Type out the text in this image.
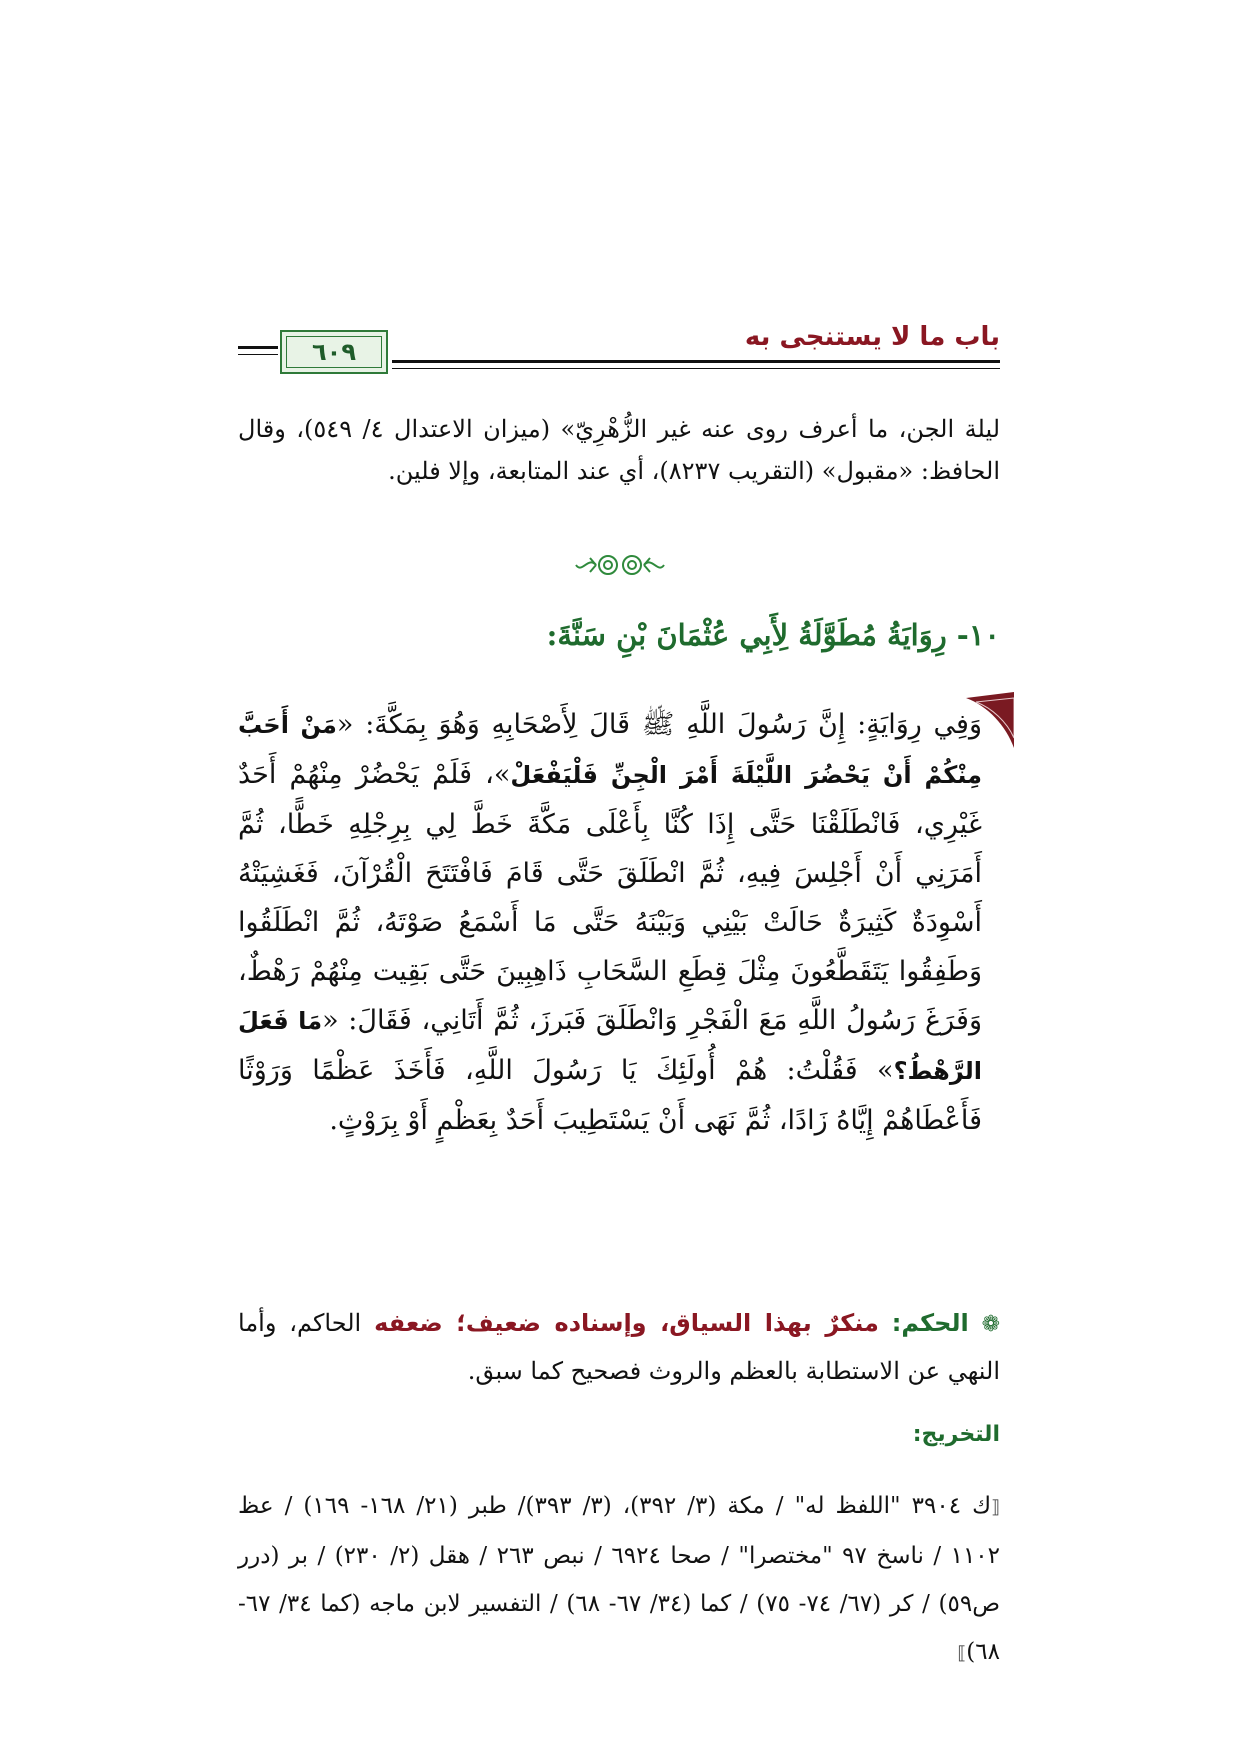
باب ما لا يستنجى به
٦٠٩
ليلة الجن، ما أعرف روى عنه غير الزُّهْرِيّ» (ميزان الاعتدال ٤/ ٥٤٩)، وقال الحافظ: «مقبول» (التقريب ٨٢٣٧)، أي عند المتابعة، وإلا فلين.
١٠- رِوَايَةُ مُطَوَّلَةُ لِأَبِي عُثْمَانَ بْنِ سَنَّةَ:
وَفِي رِوَايَةٍ: إِنَّ رَسُولَ اللَّهِ ﷺ قَالَ لِأَصْحَابِهِ وَهُوَ بِمَكَّةَ: «مَنْ أَحَبَّ مِنْكُمْ أَنْ يَحْضُرَ اللَّيْلَةَ أَمْرَ الْجِنِّ فَلْيَفْعَلْ»، فَلَمْ يَحْضُرْ مِنْهُمْ أَحَدٌ غَيْرِي، فَانْطَلَقْنَا حَتَّى إِذَا كُنَّا بِأَعْلَى مَكَّةَ خَطَّ لِي بِرِجْلِهِ خَطًّا، ثُمَّ أَمَرَنِي أَنْ أَجْلِسَ فِيهِ، ثُمَّ انْطَلَقَ حَتَّى قَامَ فَافْتَتَحَ الْقُرْآنَ، فَغَشِيَتْهُ أَسْوِدَةٌ كَثِيرَةٌ حَالَتْ بَيْنِي وَبَيْنَهُ حَتَّى مَا أَسْمَعُ صَوْتَهُ، ثُمَّ انْطَلَقُوا وَطَفِقُوا يَتَقَطَّعُونَ مِثْلَ قِطَعِ السَّحَابِ ذَاهِبِينَ حَتَّى بَقِيت مِنْهُمْ رَهْطٌ، وَفَرَغَ رَسُولُ اللَّهِ مَعَ الْفَجْرِ وَانْطَلَقَ فَبَرزَ، ثُمَّ أَتَانِي، فَقَالَ: «مَا فَعَلَ الرَّهْطُ؟» فَقُلْتُ: هُمْ أُولَئِكَ يَا رَسُولَ اللَّهِ، فَأَخَذَ عَظْمًا وَرَوْثًا فَأَعْطَاهُمْ إِيَّاهُ زَادًا، ثُمَّ نَهَى أَنْ يَسْتَطِيبَ أَحَدٌ بِعَظْمٍ أَوْ بِرَوْثٍ.
❁ الحكم: منكرٌ بهذا السياق، وإسناده ضعيف؛ ضعفه الحاكم، وأما النهي عن الاستطابة بالعظم والروث فصحيح كما سبق.
التخريج:
⟦ك ٣٩٠٤ "اللفظ له" / مكة (٣/ ٣٩٢)، (٣/ ٣٩٣)/ طبر (٢١/ ١٦٨- ١٦٩) / عظ ١١٠٢ / ناسخ ٩٧ "مختصرا" / صحا ٦٩٢٤ / نبص ٢٦٣ / هقل (٢/ ٢٣٠) / بر (درر ص٥٩) / كر (٦٧/ ٧٤- ٧٥) / كما (٣٤/ ٦٧- ٦٨) / التفسير لابن ماجه (كما ٣٤/ ٦٧- ٦٨)⟧
